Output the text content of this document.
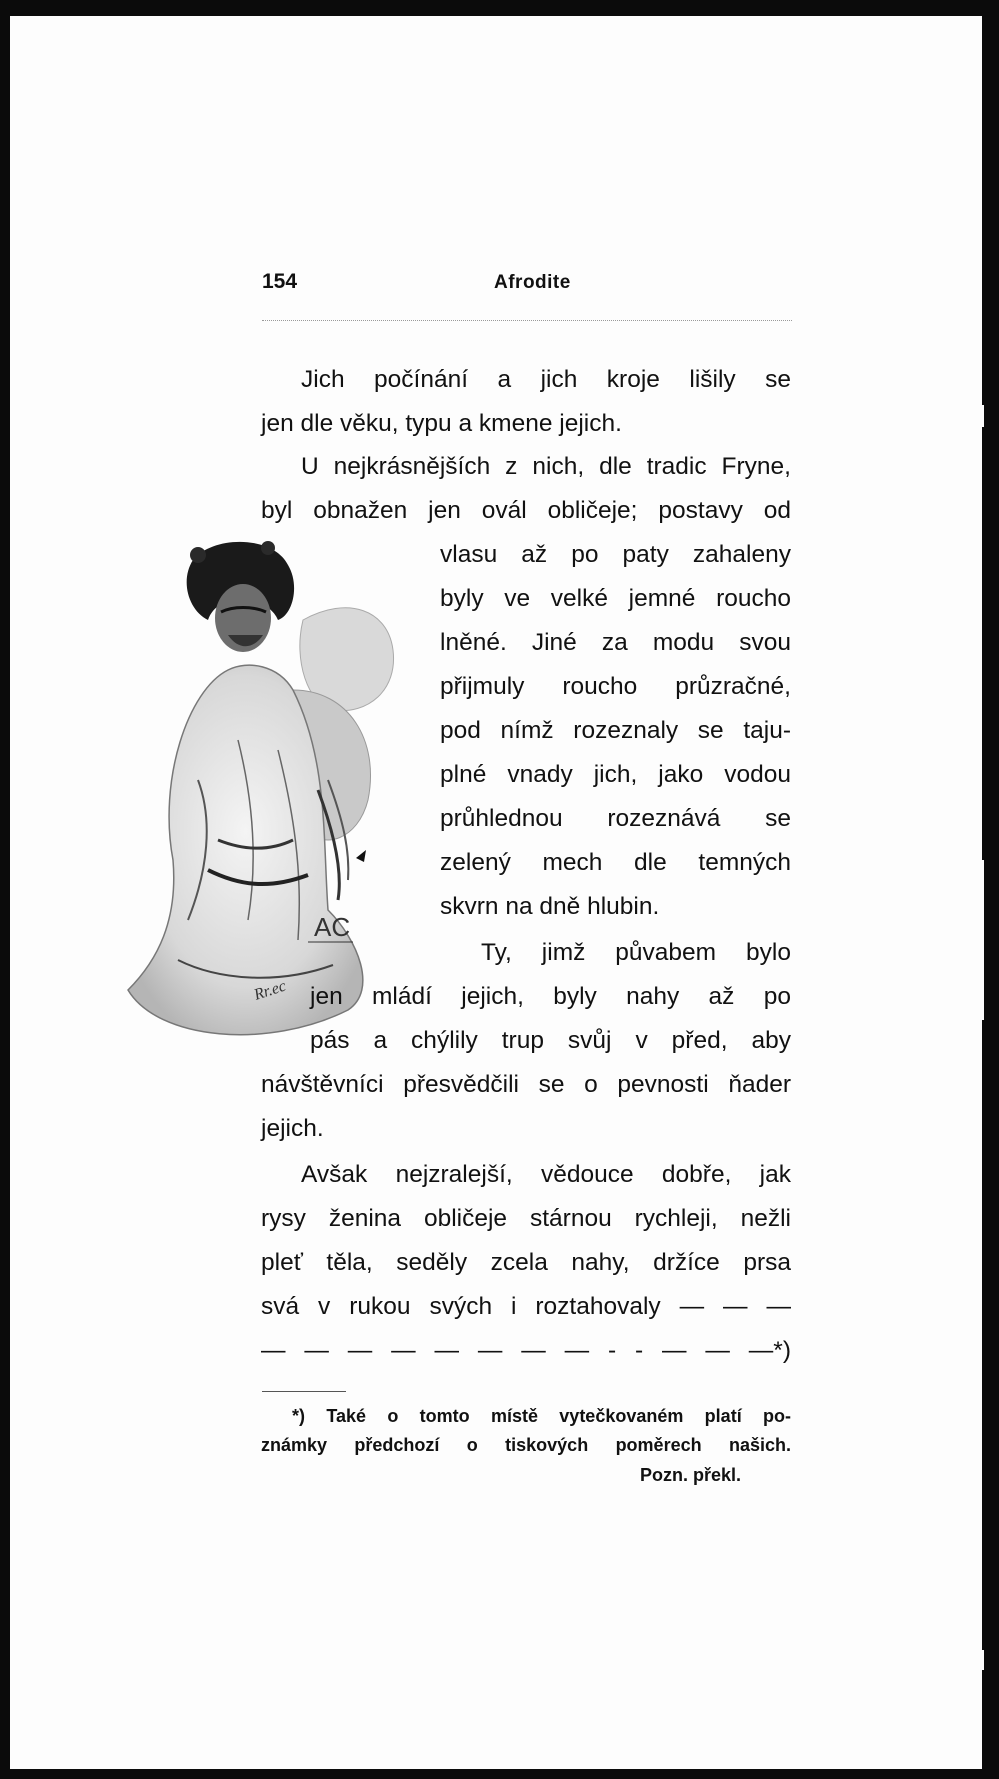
154	Afrodite
AC
Rr.ec
Jich počínání a jich kroje lišily se
jen dle věku, typu a kmene jejich.
U nejkrásnějších z nich, dle tradic Fryne,
byl obnažen jen ovál obličeje; postavy od
vlasu až po paty zahaleny
byly ve velké jemné roucho
lněné. Jiné za modu svou
přijmuly roucho průzračné,
pod nímž rozeznaly se taju-
plné vnady jich, jako vodou
průhlednou rozeznává se
zelený mech dle temných
skvrn na dně hlubin.
Ty, jimž půvabem bylo
jen mládí jejich, byly nahy až po
pás a chýlily trup svůj v před, aby
návštěvníci přesvědčili se o pevnosti ňader
jejich.
Avšak nejzralejší, vědouce dobře, jak
rysy ženina obličeje stárnou rychleji, nežli
pleť těla, seděly zcela nahy, držíce prsa
svá v rukou svých i roztahovaly — — —
— — — — — — — — - - — — —*)
*) Také o tomto místě vytečkovaném platí po-
známky předchozí o tiskových poměrech našich.
Pozn. překl.
